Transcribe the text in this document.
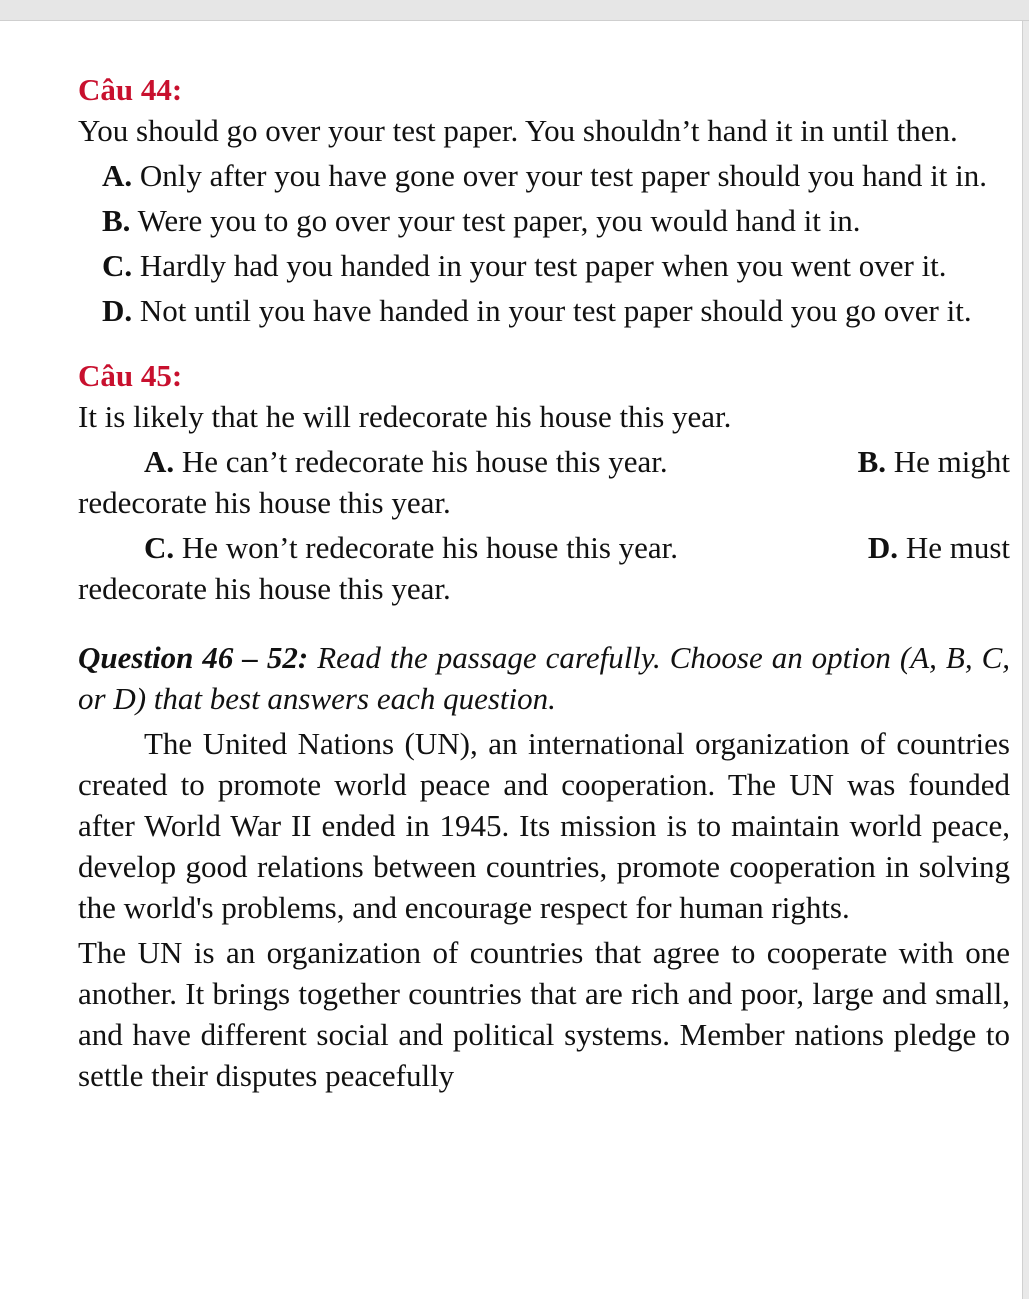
Câu 44:
You should go over your test paper. You shouldn’t hand it in until then.
A. Only after you have gone over your test paper should you hand it in.
B. Were you to go over your test paper, you would hand it in.
C. Hardly had you handed in your test paper when you went over it.
D. Not until you have handed in your test paper should you go over it.
Câu 45:
It is likely that he will redecorate his house this year.
A. He can’t redecorate his house this year.	B. He might
redecorate his house this year.
C. He won’t redecorate his house this year.	D. He must
redecorate his house this year.
Question 46 – 52: Read the passage carefully. Choose an option (A, B, C, or D) that best answers each question.
The United Nations (UN), an international organization of countries created to promote world peace and cooperation. The UN was founded after World War II ended in 1945. Its mission is to maintain world peace, develop good relations between countries, promote cooperation in solving the world's problems, and encourage respect for human rights.
The UN is an organization of countries that agree to cooperate with one another. It brings together countries that are rich and poor, large and small, and have different social and political systems. Member nations pledge to settle their disputes peacefully
